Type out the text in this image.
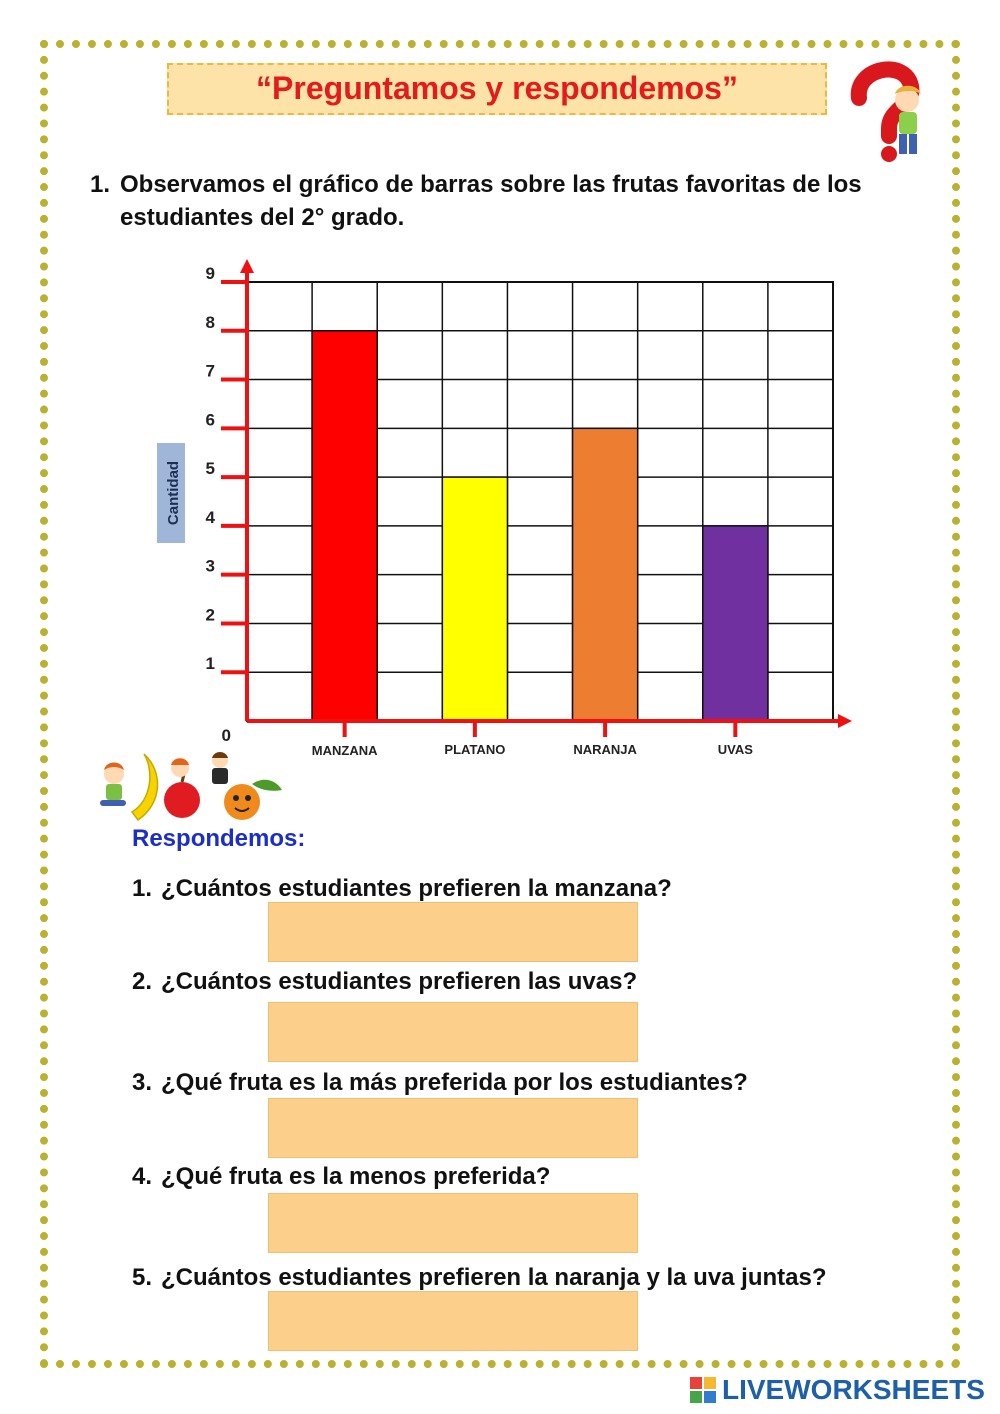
“Preguntamos y respondemos”
1. Observamos el gráfico de barras sobre las frutas favoritas de los estudiantes del 2° grado.
0
1
2
3
4
5
6
7
8
9
MANZANA	PLATANO	NARANJA	UVAS
Cantidad
Respondemos:
1. ¿Cuántos estudiantes prefieren la manzana?
2. ¿Cuántos estudiantes prefieren las uvas?
3. ¿Qué fruta es la más preferida por los estudiantes?
4. ¿Qué fruta es la menos preferida?
5. ¿Cuántos estudiantes prefieren la naranja y la uva juntas?
LIVEWORKSHEETS
